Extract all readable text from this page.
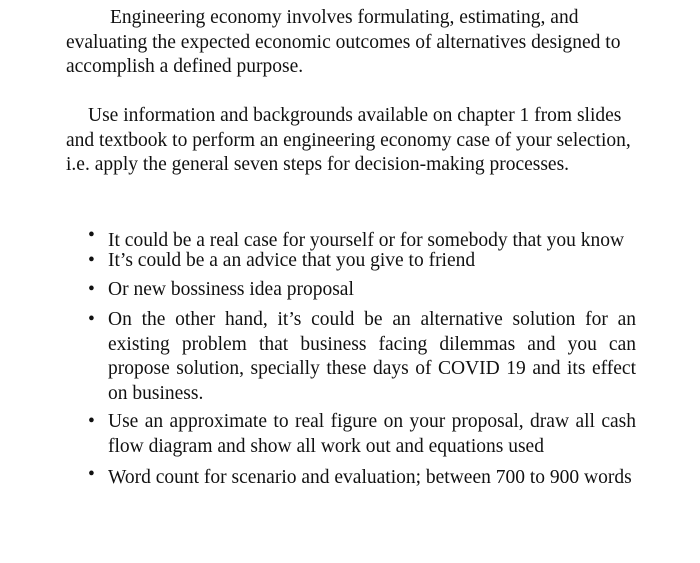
Engineering economy involves formulating, estimating, and evaluating the expected economic outcomes of alternatives designed to accomplish a defined purpose.

Use information and backgrounds available on chapter 1 from slides and textbook to perform an engineering economy case of your selection, i.e. apply the general seven steps for decision-making processes.

• It could be a real case for yourself or for somebody that you know
• It’s could be a an advice that you give to friend
• Or new bossiness idea proposal
• On the other hand, it’s could be an alternative solution for an existing problem that business facing dilemmas and you can propose solution, specially these days of COVID 19 and its effect on business.
• Use an approximate to real figure on your proposal, draw all cash flow diagram and show all work out and equations used
• Word count for scenario and evaluation; between 700 to 900 words
